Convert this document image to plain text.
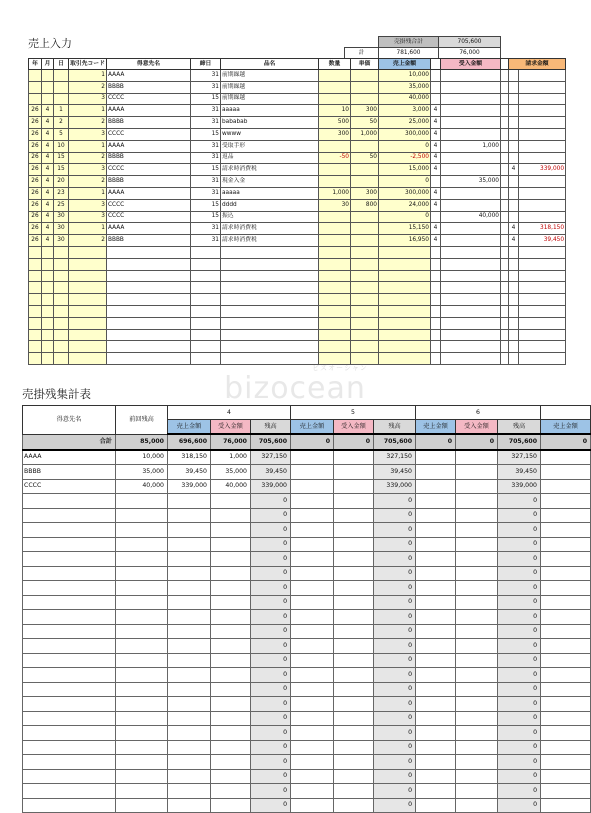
売上入力
		売掛残合計	705,600
計	781,600	76,000
年	月	日	取引先コード	得意先名	締日	品名	数量	単価	売上金額		受入金額		請求金額	
			1	AAAA	31	前期繰越			10,000					
			2	BBBB	31	前期繰越			35,000					
			3	CCCC	15	前期繰越			40,000					
26	4	1	1	AAAA	31	aaaaa	10	300	3,000	4				
26	4	2	2	BBBB	31	bababab	500	50	25,000	4				
26	4	5	3	CCCC	15	wwww	300	1,000	300,000	4				
26	4	10	1	AAAA	31	受取手形			0	4	1,000			
26	4	15	2	BBBB	31	返品	-50	50	-2,500	4				
26	4	15	3	CCCC	15	請求時消費税			15,000	4			4	339,000
26	4	20	2	BBBB	31	現金入金			0		35,000			
26	4	23	1	AAAA	31	aaaaa	1,000	300	300,000	4				
26	4	25	3	CCCC	15	dddd	30	800	24,000	4				
26	4	30	3	CCCC	15	振込			0		40,000			
26	4	30	1	AAAA	31	請求時消費税			15,150	4			4	318,150
26	4	30	2	BBBB	31	請求時消費税			16,950	4			4	39,450

ビズオーシャン
bizocean
売掛残集計表
得意先名	前回残高	4			5			6			
		売上金額	受入金額	残高	売上金額	受入金額	残高	売上金額	受入金額	残高	売上金額
合計	85,000	696,600	76,000	705,600	0	0	705,600	0	0	705,600	0
AAAA	10,000	318,150	1,000	327,150			327,150			327,150	
BBBB	35,000	39,450	35,000	39,450			39,450			39,450	
CCCC	40,000	339,000	40,000	339,000			339,000			339,000	
				0			0			0	
				0			0			0	
				0			0			0	
				0			0			0	
				0			0			0	
				0			0			0	
				0			0			0	
				0			0			0	
				0			0			0	
				0			0			0	
				0			0			0	
				0			0			0	
				0			0			0	
				0			0			0	
				0			0			0	
				0			0			0	
				0			0			0	
				0			0			0	
				0			0			0	
				0			0			0	
				0			0			0	
				0			0			0	
